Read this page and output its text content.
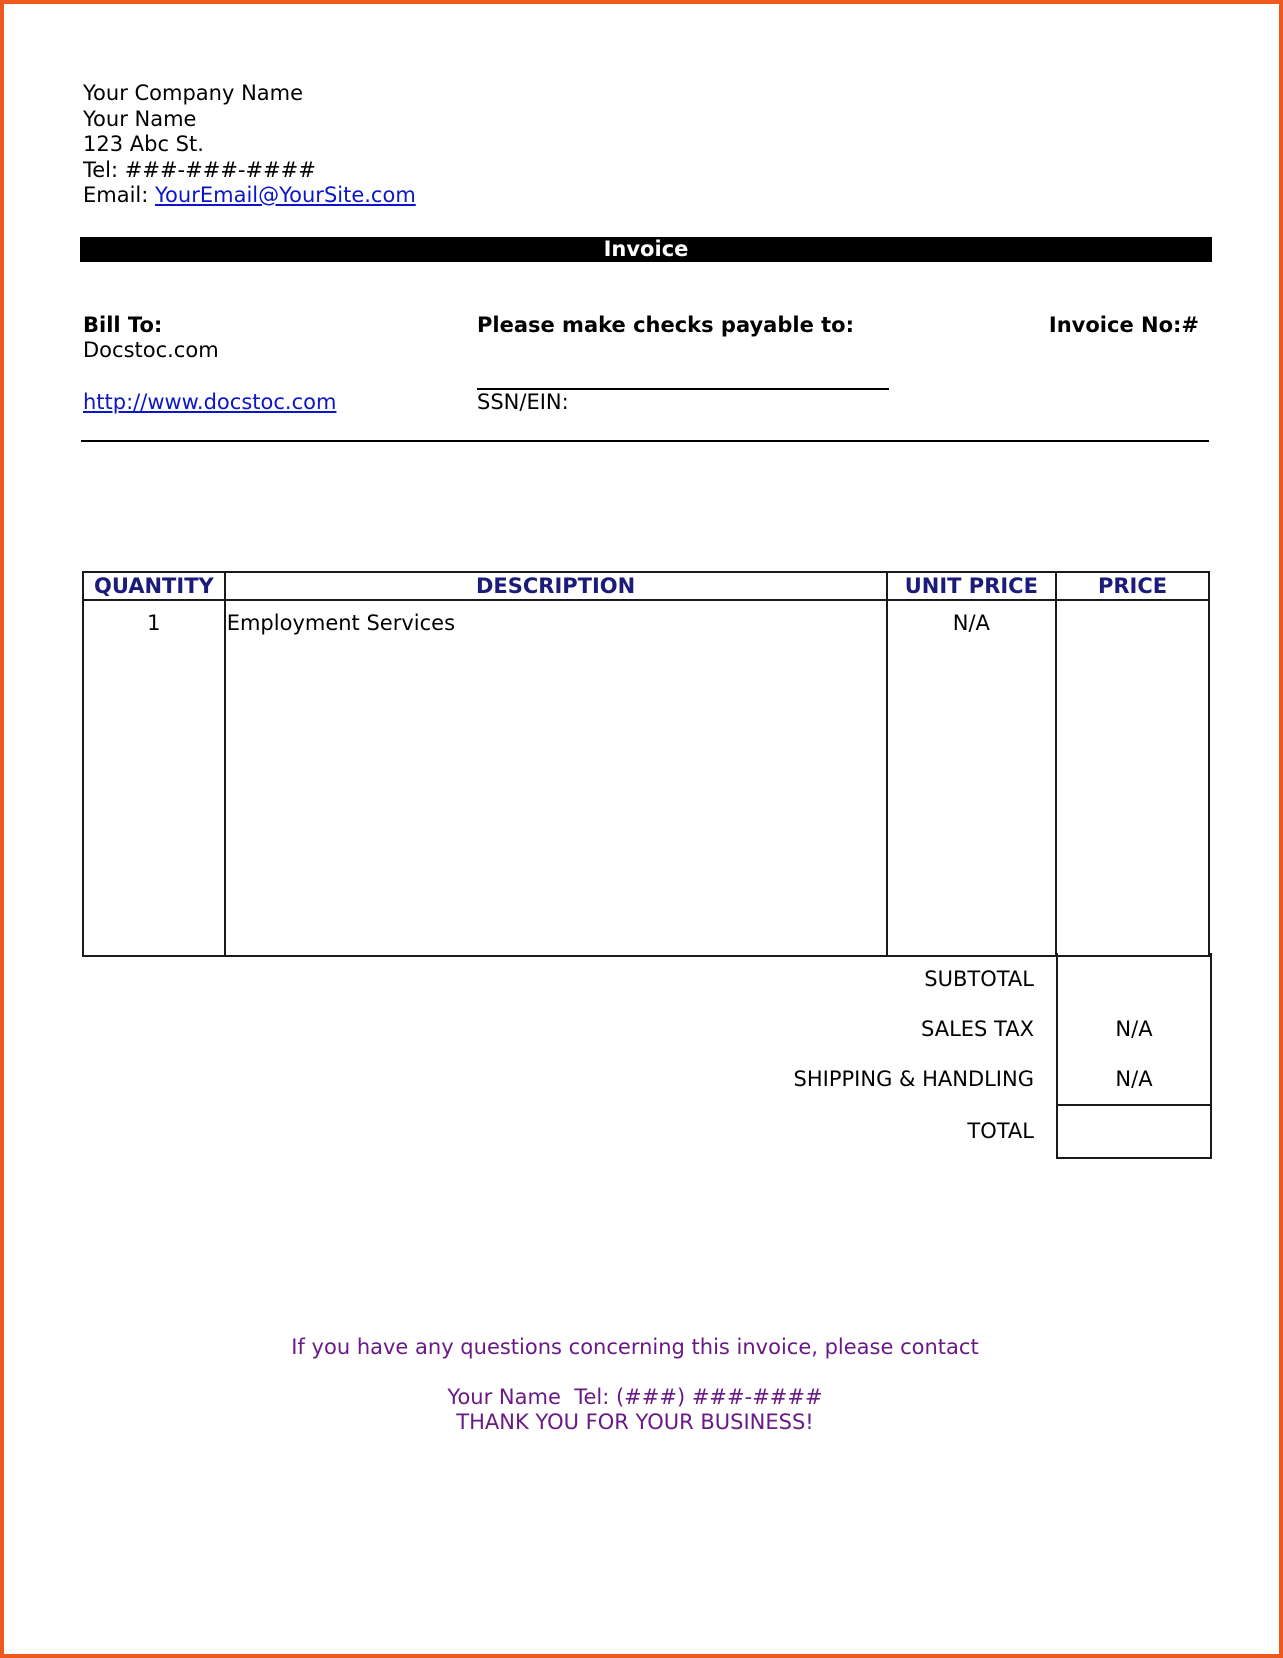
Your Company Name
Your Name
123 Abc St.
Tel: ###-###-####
Email: YourEmail@YourSite.com
Invoice
Bill To:
Docstoc.com
http://www.docstoc.com
Please make checks payable to:
SSN/EIN:
Invoice No:#
QUANTITY	DESCRIPTION	UNIT PRICE	PRICE
1	Employment Services	N/A	
SUBTOTAL
SALES TAX	N/A
SHIPPING & HANDLING	N/A
TOTAL
If you have any questions concerning this invoice, please contact
Your Name  Tel: (###) ###-####
THANK YOU FOR YOUR BUSINESS!
